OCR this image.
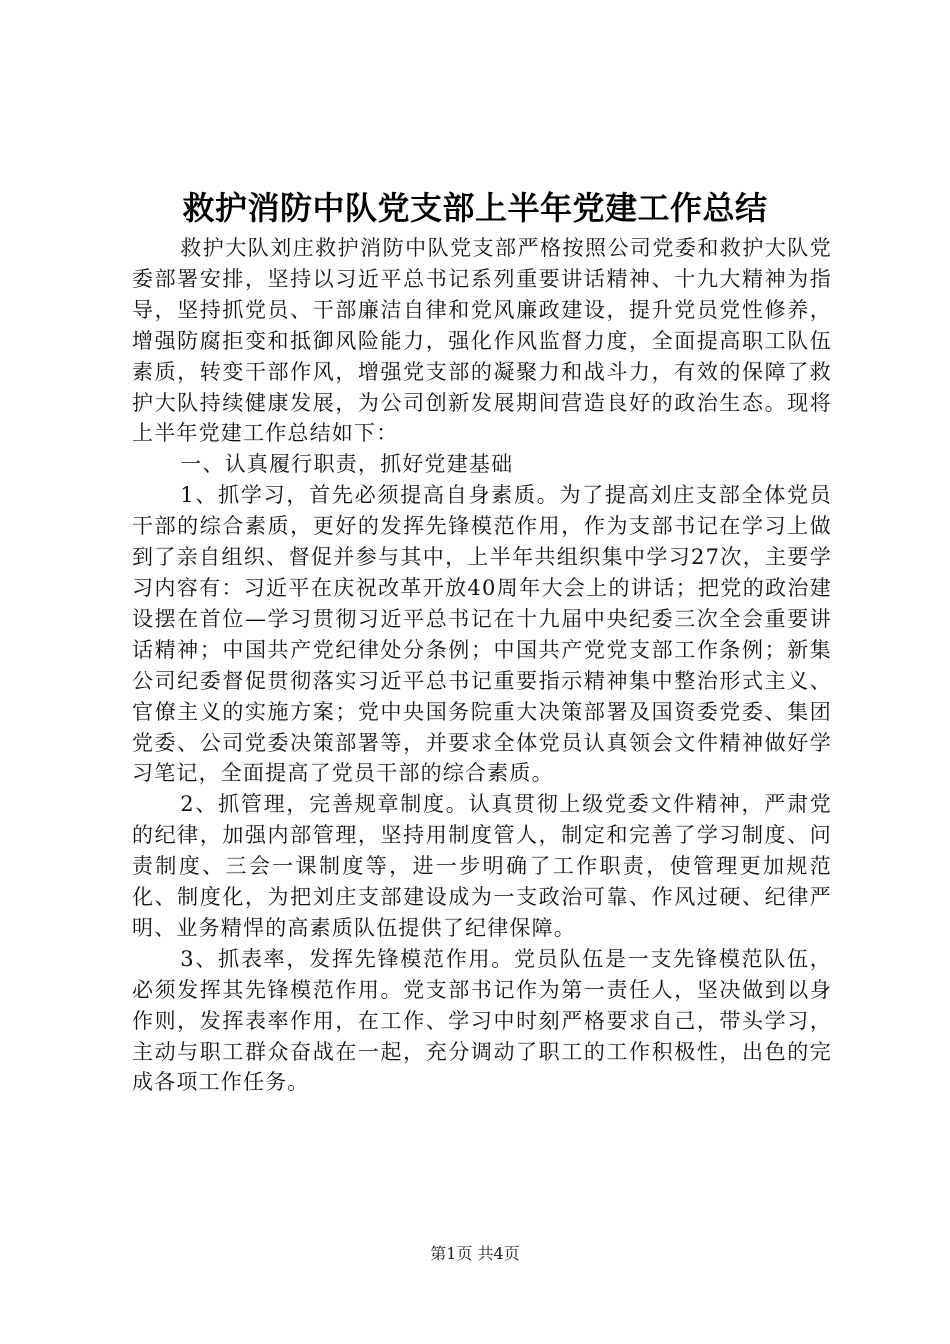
救护消防中队党支部上半年党建工作总结

救护大队刘庄救护消防中队党支部严格按照公司党委和救护大队党委部署安排，坚持以习近平总书记系列重要讲话精神、十九大精神为指导，坚持抓党员、干部廉洁自律和党风廉政建设，提升党员党性修养，增强防腐拒变和抵御风险能力，强化作风监督力度，全面提高职工队伍素质，转变干部作风，增强党支部的凝聚力和战斗力，有效的保障了救护大队持续健康发展，为公司创新发展期间营造良好的政治生态。现将上半年党建工作总结如下：

一、认真履行职责，抓好党建基础

1、抓学习，首先必须提高自身素质。为了提高刘庄支部全体党员干部的综合素质，更好的发挥先锋模范作用，作为支部书记在学习上做到了亲自组织、督促并参与其中，上半年共组织集中学习27次，主要学习内容有：习近平在庆祝改革开放40周年大会上的讲话；把党的政治建设摆在首位—学习贯彻习近平总书记在十九届中央纪委三次全会重要讲话精神；中国共产党纪律处分条例；中国共产党党支部工作条例；新集公司纪委督促贯彻落实习近平总书记重要指示精神集中整治形式主义、官僚主义的实施方案；党中央国务院重大决策部署及国资委党委、集团党委、公司党委决策部署等，并要求全体党员认真领会文件精神做好学习笔记，全面提高了党员干部的综合素质。

2、抓管理，完善规章制度。认真贯彻上级党委文件精神，严肃党的纪律，加强内部管理，坚持用制度管人，制定和完善了学习制度、问责制度、三会一课制度等，进一步明确了工作职责，使管理更加规范化、制度化，为把刘庄支部建设成为一支政治可靠、作风过硬、纪律严明、业务精悍的高素质队伍提供了纪律保障。

3、抓表率，发挥先锋模范作用。党员队伍是一支先锋模范队伍，必须发挥其先锋模范作用。党支部书记作为第一责任人，坚决做到以身作则，发挥表率作用，在工作、学习中时刻严格要求自己，带头学习，主动与职工群众奋战在一起，充分调动了职工的工作积极性，出色的完成各项工作任务。

第1页 共4页
